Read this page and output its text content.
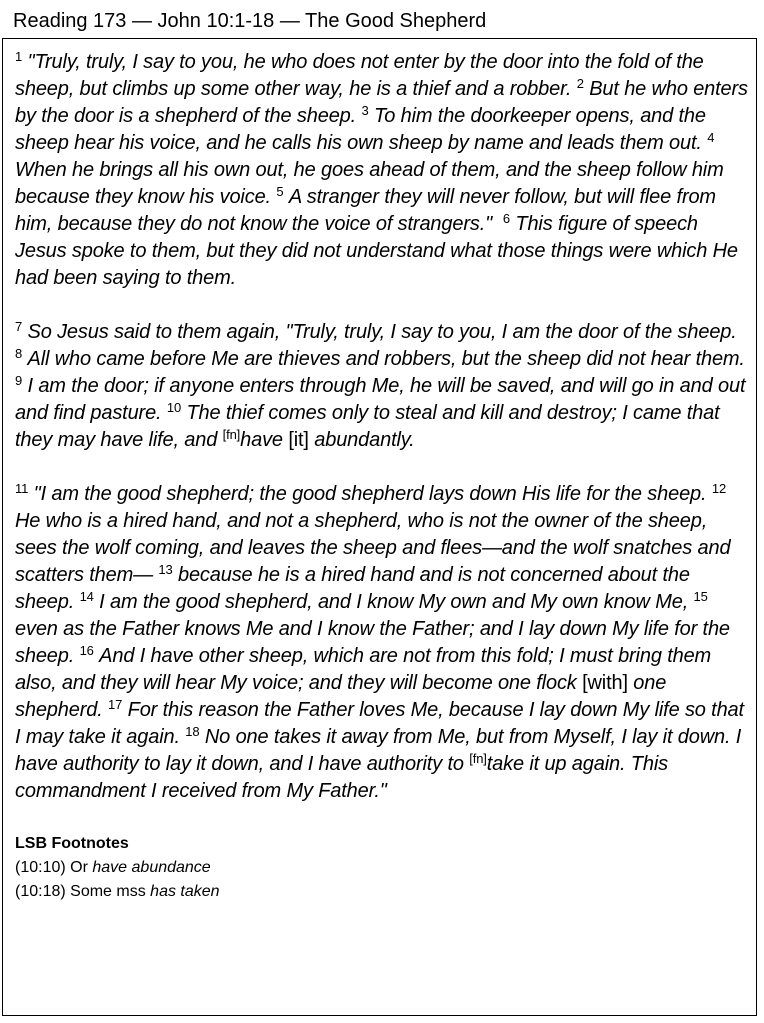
Reading 173 — John 10:1-18 — The Good Shepherd

$^1$ "Truly, truly, I say to you, he who does not enter by the door into the fold of the sheep, but climbs up some other way, he is a thief and a robber. $^2$ But he who enters by the door is a shepherd of the sheep. $^3$ To him the doorkeeper opens, and the sheep hear his voice, and he calls his own sheep by name and leads them out. $^4$ When he brings all his own out, he goes ahead of them, and the sheep follow him because they know his voice. $^5$ A stranger they will never follow, but will flee from him, because they do not know the voice of strangers." $^6$ This figure of speech Jesus spoke to them, but they did not understand what those things were which He had been saying to them.

$^7$ So Jesus said to them again, "Truly, truly, I say to you, I am the door of the sheep. $^8$ All who came before Me are thieves and robbers, but the sheep did not hear them. $^9$ I am the door; if anyone enters through Me, he will be saved, and will go in and out and find pasture. $^{10}$ The thief comes only to steal and kill and destroy; I came that they may have life, and [fn]have [it] abundantly.

$^{11}$ "I am the good shepherd; the good shepherd lays down His life for the sheep. $^{12}$ He who is a hired hand, and not a shepherd, who is not the owner of the sheep, sees the wolf coming, and leaves the sheep and flees—and the wolf snatches and scatters them— $^{13}$ because he is a hired hand and is not concerned about the sheep. $^{14}$ I am the good shepherd, and I know My own and My own know Me, $^{15}$ even as the Father knows Me and I know the Father; and I lay down My life for the sheep. $^{16}$ And I have other sheep, which are not from this fold; I must bring them also, and they will hear My voice; and they will become one flock [with] one shepherd. $^{17}$ For this reason the Father loves Me, because I lay down My life so that I may take it again. $^{18}$ No one takes it away from Me, but from Myself, I lay it down. I have authority to lay it down, and I have authority to [fn]take it up again. This commandment I received from My Father."

LSB Footnotes
(10:10) Or have abundance
(10:18) Some mss has taken
